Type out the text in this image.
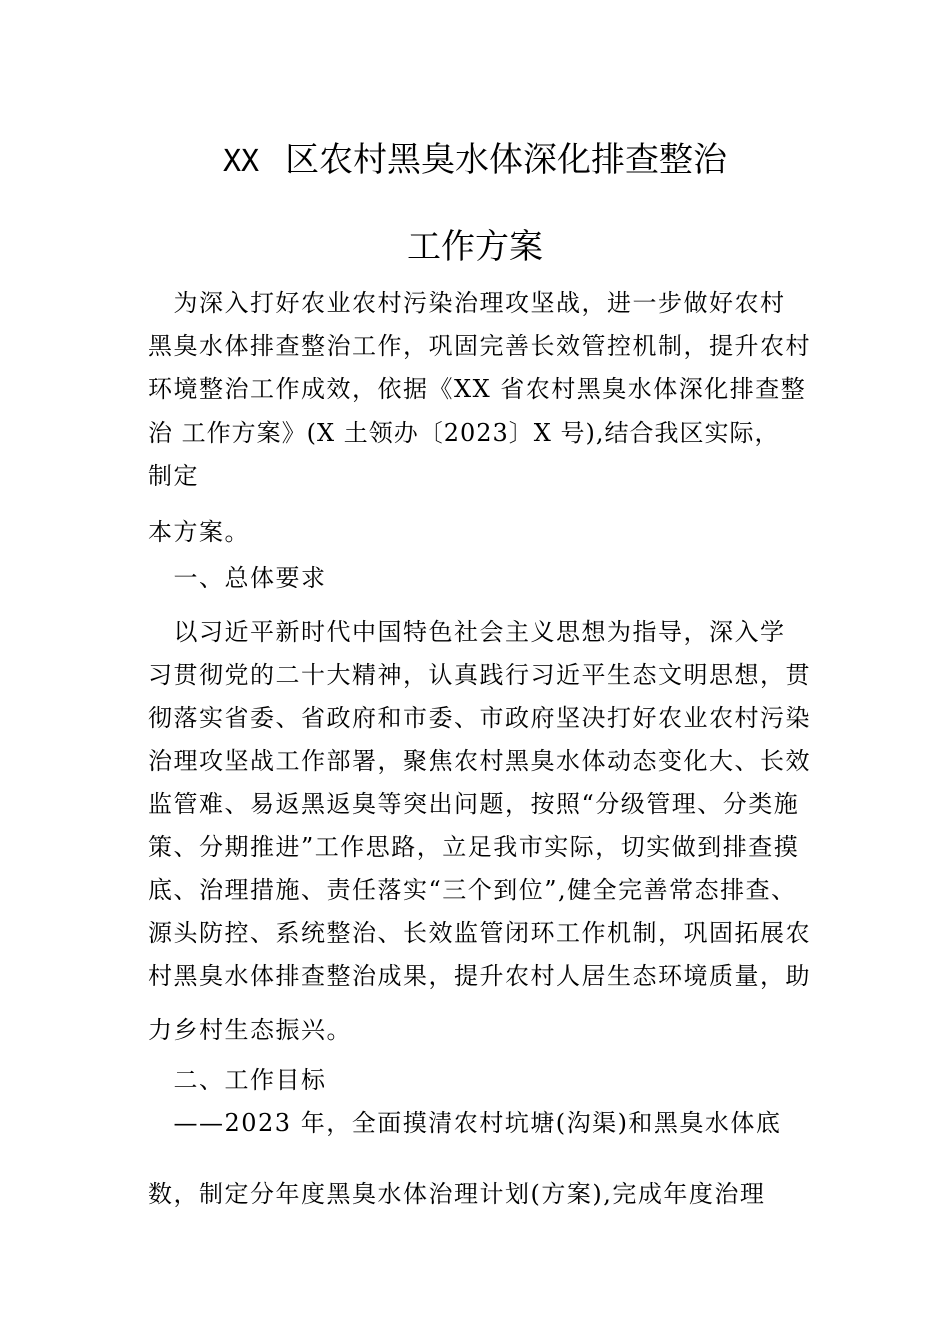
XX 区农村黑臭水体深化排查整治
工作方案
　为深入打好农业农村污染治理攻坚战，进一步做好农村
黑臭水体排查整治工作，巩固完善长效管控机制，提升农村
环境整治工作成效，依据《XX 省农村黑臭水体深化排查整
治 工作方案》(X 土领办〔2023〕X 号),结合我区实际，
制定
本方案。
　一、总体要求
　以习近平新时代中国特色社会主义思想为指导，深入学
习贯彻党的二十大精神，认真践行习近平生态文明思想，贯
彻落实省委、省政府和市委、市政府坚决打好农业农村污染
治理攻坚战工作部署，聚焦农村黑臭水体动态变化大、长效
监管难、易返黑返臭等突出问题，按照“分级管理、分类施
策、分期推进”工作思路，立足我市实际，切实做到排查摸
底、治理措施、责任落实“三个到位”,健全完善常态排查、
源头防控、系统整治、长效监管闭环工作机制，巩固拓展农
村黑臭水体排查整治成果，提升农村人居生态环境质量，助
力乡村生态振兴。
　二、工作目标
　——2023 年，全面摸清农村坑塘(沟渠)和黑臭水体底
数，制定分年度黑臭水体治理计划(方案),完成年度治理
